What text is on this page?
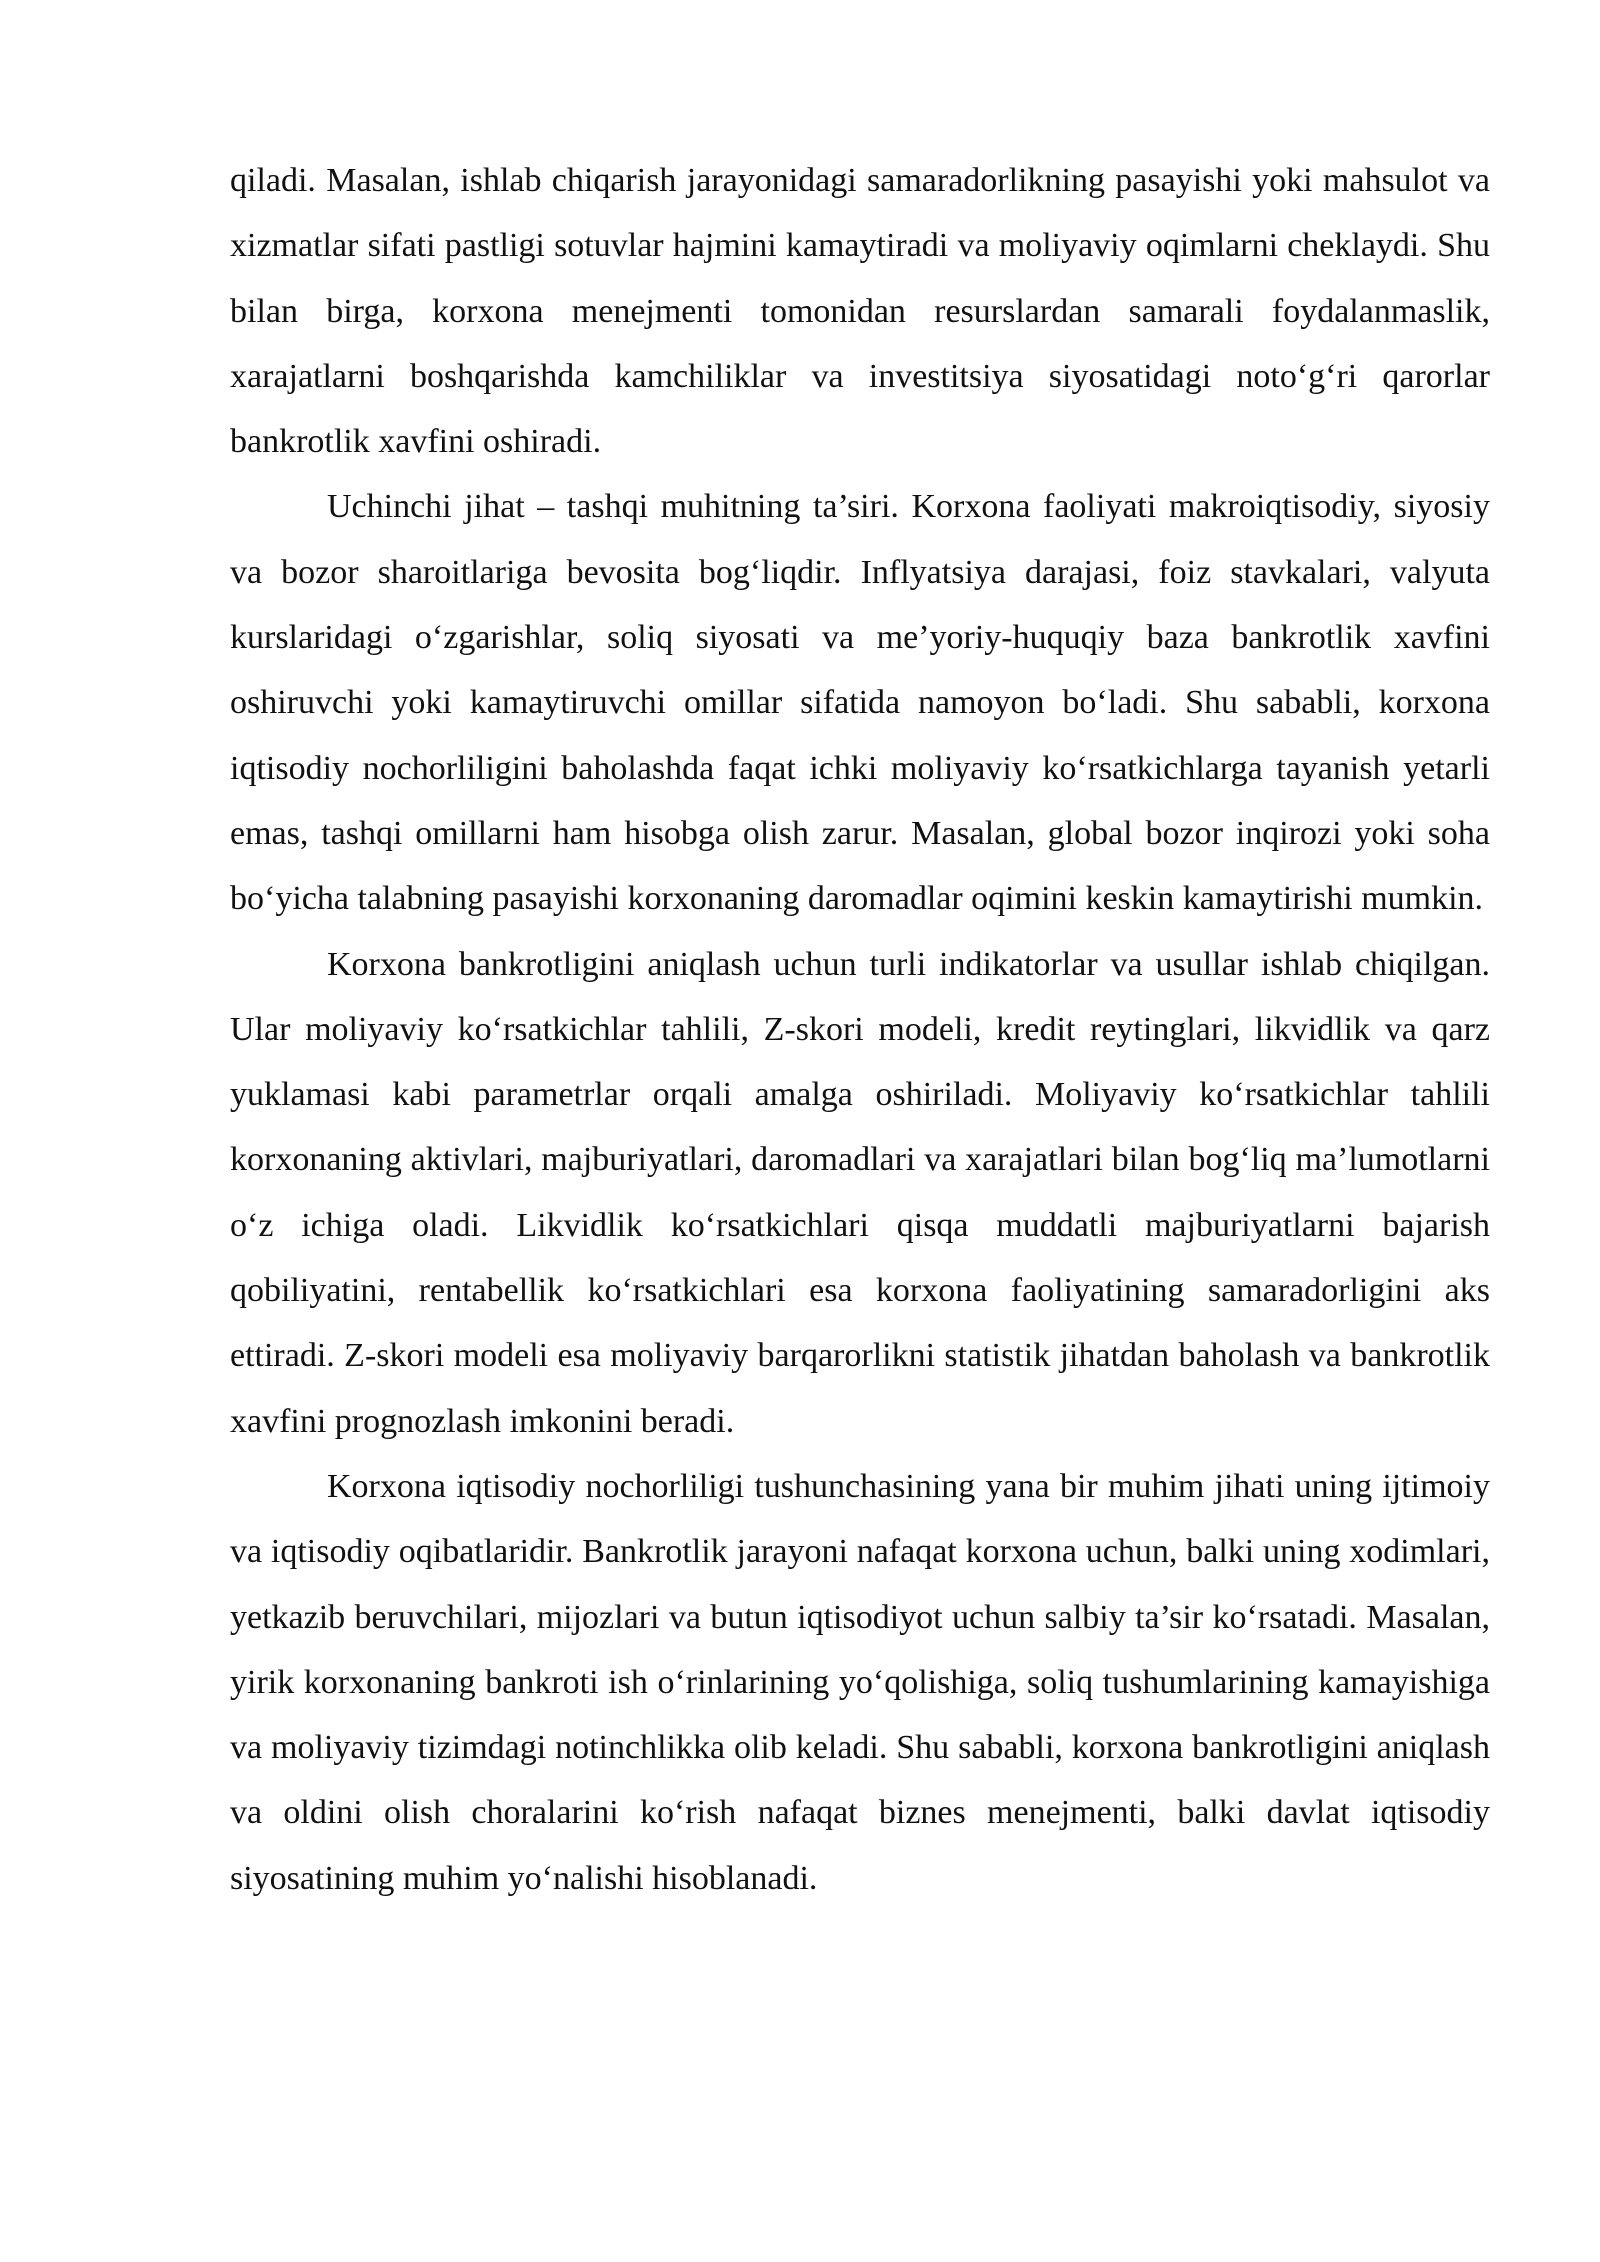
qiladi. Masalan, ishlab chiqarish jarayonidagi samaradorlikning pasayishi yoki mahsulot va xizmatlar sifati pastligi sotuvlar hajmini kamaytiradi va moliyaviy oqimlarni cheklaydi. Shu bilan birga, korxona menejmenti tomonidan resurslardan samarali foydalanmaslik, xarajatlarni boshqarishda kamchiliklar va investitsiya siyosatidagi noto‘g‘ri qarorlar bankrotlik xavfini oshiradi.

Uchinchi jihat – tashqi muhitning ta’siri. Korxona faoliyati makroiqtisodiy, siyosiy va bozor sharoitlariga bevosita bog‘liqdir. Inflyatsiya darajasi, foiz stavkalari, valyuta kurslaridagi o‘zgarishlar, soliq siyosati va me’yoriy-huquqiy baza bankrotlik xavfini oshiruvchi yoki kamaytiruvchi omillar sifatida namoyon bo‘ladi. Shu sababli, korxona iqtisodiy nochorliligini baholashda faqat ichki moliyaviy ko‘rsatkichlarga tayanish yetarli emas, tashqi omillarni ham hisobga olish zarur. Masalan, global bozor inqirozi yoki soha bo‘yicha talabning pasayishi korxonaning daromadlar oqimini keskin kamaytirishi mumkin.

Korxona bankrotligini aniqlash uchun turli indikatorlar va usullar ishlab chiqilgan. Ular moliyaviy ko‘rsatkichlar tahlili, Z-skori modeli, kredit reytinglari, likvidlik va qarz yuklamasi kabi parametrlar orqali amalga oshiriladi. Moliyaviy ko‘rsatkichlar tahlili korxonaning aktivlari, majburiyatlari, daromadlari va xarajatlari bilan bog‘liq ma’lumotlarni o‘z ichiga oladi. Likvidlik ko‘rsatkichlari qisqa muddatli majburiyatlarni bajarish qobiliyatini, rentabellik ko‘rsatkichlari esa korxona faoliyatining samaradorligini aks ettiradi. Z-skori modeli esa moliyaviy barqarorlikni statistik jihatdan baholash va bankrotlik xavfini prognozlash imkonini beradi.

Korxona iqtisodiy nochorliligi tushunchasining yana bir muhim jihati uning ijtimoiy va iqtisodiy oqibatlaridir. Bankrotlik jarayoni nafaqat korxona uchun, balki uning xodimlari, yetkazib beruvchilari, mijozlari va butun iqtisodiyot uchun salbiy ta’sir ko‘rsatadi. Masalan, yirik korxonaning bankroti ish o‘rinlarining yo‘qolishiga, soliq tushumlarining kamayishiga va moliyaviy tizimdagi notinchlikka olib keladi. Shu sababli, korxona bankrotligini aniqlash va oldini olish choralarini ko‘rish nafaqat biznes menejmenti, balki davlat iqtisodiy siyosatining muhim yo‘nalishi hisoblanadi.
